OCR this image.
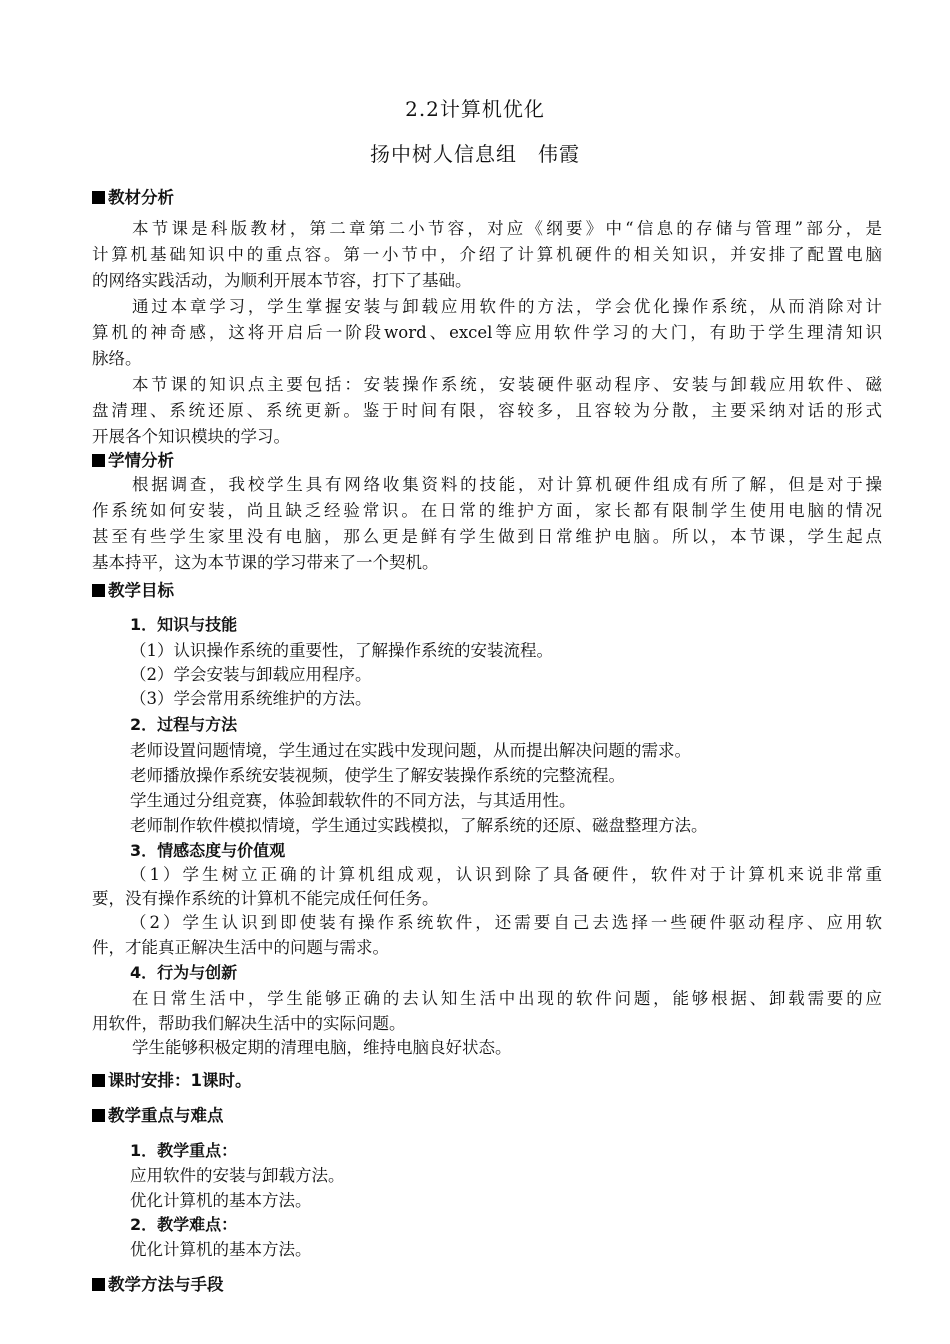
2.2计算机优化
扬中树人信息组　伟霞
教材分析
本节课是科版教材，第二章第二小节容，对应《纲要》中“信息的存储与管理”部分，是
计算机基础知识中的重点容。第一小节中，介绍了计算机硬件的相关知识，并安排了配置电脑
的网络实践活动，为顺利开展本节容，打下了基础。
通过本章学习，学生掌握安装与卸载应用软件的方法，学会优化操作系统，从而消除对计
算机的神奇感，这将开启后一阶段word、excel等应用软件学习的大门，有助于学生理清知识
脉络。
本节课的知识点主要包括：安装操作系统，安装硬件驱动程序、安装与卸载应用软件、磁
盘清理、系统还原、系统更新。鉴于时间有限，容较多，且容较为分散，主要采纳对话的形式
开展各个知识模块的学习。
学情分析
根据调查，我校学生具有网络收集资料的技能，对计算机硬件组成有所了解，但是对于操
作系统如何安装，尚且缺乏经验常识。在日常的维护方面，家长都有限制学生使用电脑的情况
甚至有些学生家里没有电脑，那么更是鲜有学生做到日常维护电脑。所以，本节课，学生起点
基本持平，这为本节课的学习带来了一个契机。
教学目标
1．知识与技能
（1）认识操作系统的重要性，了解操作系统的安装流程。
（2）学会安装与卸载应用程序。
（3）学会常用系统维护的方法。
2．过程与方法
老师设置问题情境，学生通过在实践中发现问题，从而提出解决问题的需求。
老师播放操作系统安装视频，使学生了解安装操作系统的完整流程。
学生通过分组竞赛，体验卸载软件的不同方法，与其适用性。
老师制作软件模拟情境，学生通过实践模拟，了解系统的还原、磁盘整理方法。
3．情感态度与价值观
（1）学生树立正确的计算机组成观，认识到除了具备硬件，软件对于计算机来说非常重
要，没有操作系统的计算机不能完成任何任务。
（2）学生认识到即使装有操作系统软件，还需要自己去选择一些硬件驱动程序、应用软
件，才能真正解决生活中的问题与需求。
4．行为与创新
在日常生活中，学生能够正确的去认知生活中出现的软件问题，能够根据、卸载需要的应
用软件，帮助我们解决生活中的实际问题。
学生能够积极定期的清理电脑，维持电脑良好状态。
课时安排：1课时。
教学重点与难点
1．教学重点：
应用软件的安装与卸载方法。
优化计算机的基本方法。
2．教学难点：
优化计算机的基本方法。
教学方法与手段
